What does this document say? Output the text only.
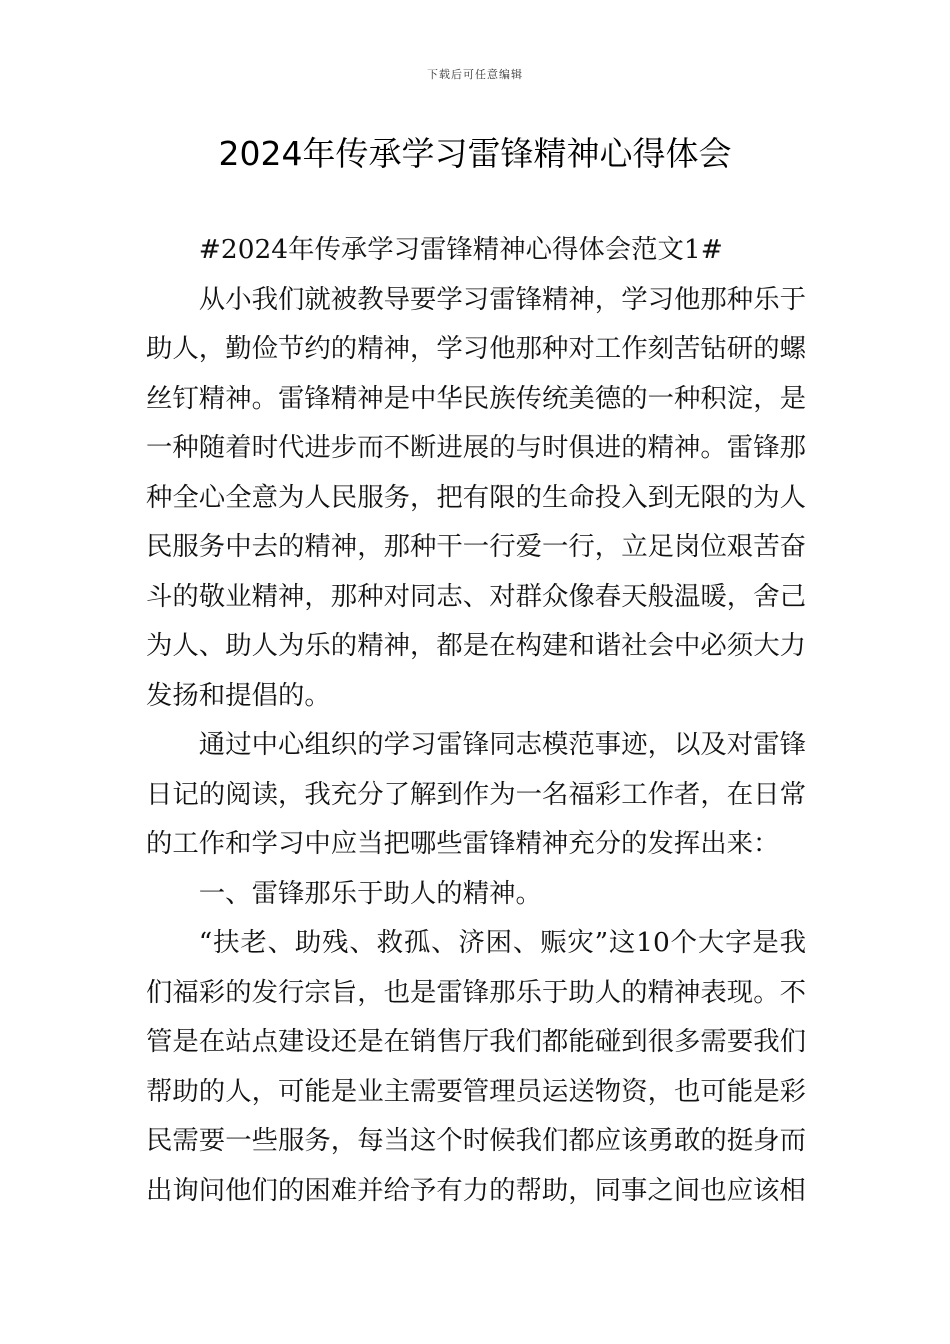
下载后可任意编辑
2024年传承学习雷锋精神心得体会

#2024年传承学习雷锋精神心得体会范文1#

从小我们就被教导要学习雷锋精神，学习他那种乐于助人，勤俭节约的精神，学习他那种对工作刻苦钻研的螺丝钉精神。雷锋精神是中华民族传统美德的一种积淀，是一种随着时代进步而不断进展的与时俱进的精神。雷锋那种全心全意为人民服务，把有限的生命投入到无限的为人民服务中去的精神，那种干一行爱一行，立足岗位艰苦奋斗的敬业精神，那种对同志、对群众像春天般温暖，舍己为人、助人为乐的精神，都是在构建和谐社会中必须大力发扬和提倡的。

通过中心组织的学习雷锋同志模范事迹，以及对雷锋日记的阅读，我充分了解到作为一名福彩工作者，在日常的工作和学习中应当把哪些雷锋精神充分的发挥出来：

一、雷锋那乐于助人的精神。

“扶老、助残、救孤、济困、赈灾”这10个大字是我们福彩的发行宗旨，也是雷锋那乐于助人的精神表现。不管是在站点建设还是在销售厅我们都能碰到很多需要我们帮助的人，可能是业主需要管理员运送物资，也可能是彩民需要一些服务，每当这个时候我们都应该勇敢的挺身而出询问他们的困难并给予有力的帮助，同事之间也应该相
